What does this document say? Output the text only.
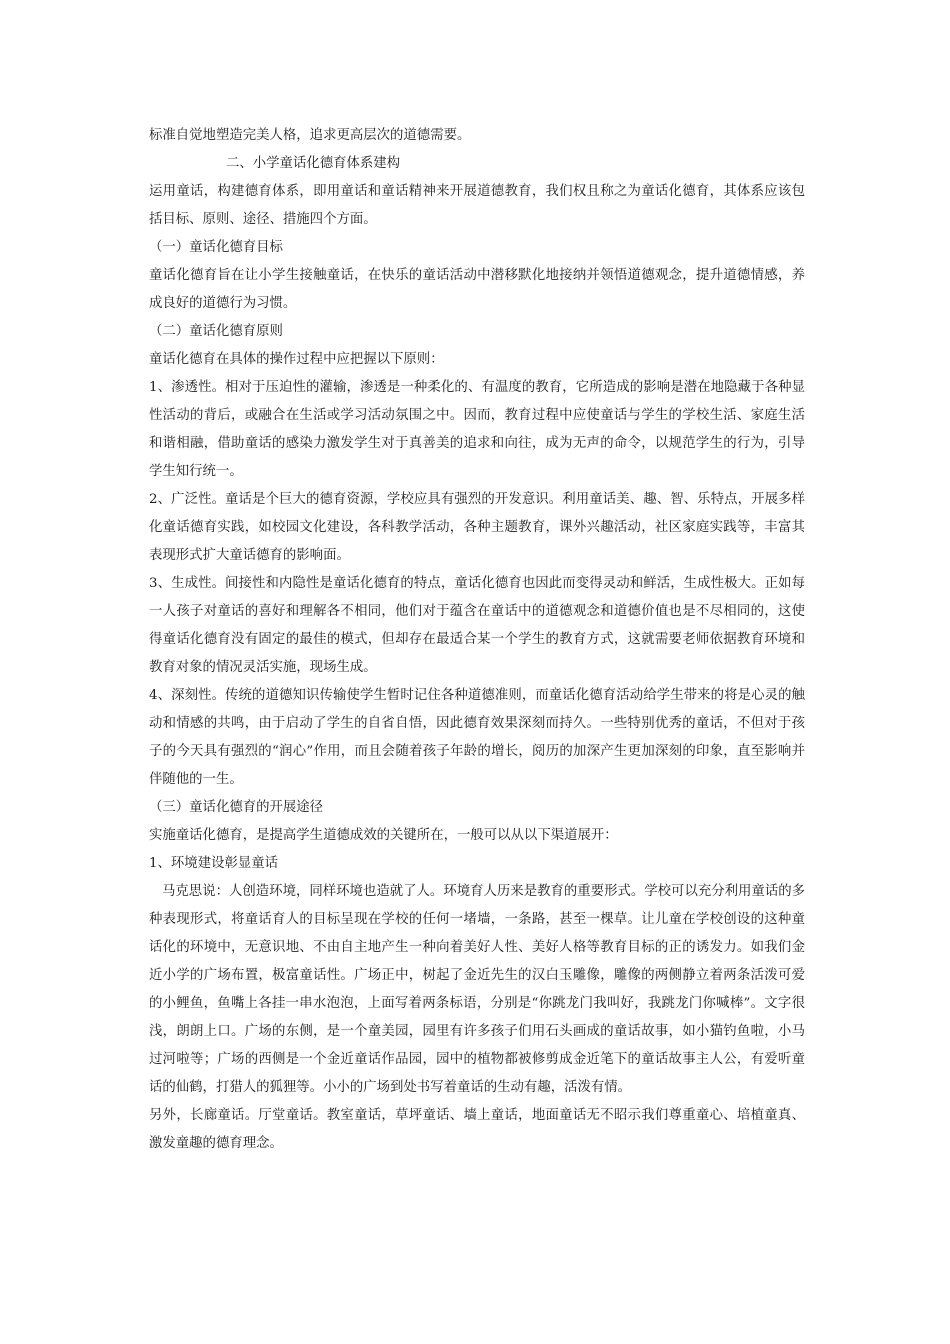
标准自觉地塑造完美人格，追求更高层次的道德需要。

二、小学童话化德育体系建构

运用童话，构建德育体系，即用童话和童话精神来开展道德教育，我们权且称之为童话化德育，其体系应该包括目标、原则、途径、措施四个方面。

（一）童话化德育目标

童话化德育旨在让小学生接触童话，在快乐的童话活动中潜移默化地接纳并领悟道德观念，提升道德情感，养成良好的道德行为习惯。

（二）童话化德育原则

童话化德育在具体的操作过程中应把握以下原则：

1、渗透性。相对于压迫性的灌输，渗透是一种柔化的、有温度的教育，它所造成的影响是潜在地隐藏于各种显性活动的背后，或融合在生活或学习活动氛围之中。因而，教育过程中应使童话与学生的学校生活、家庭生活和谐相融，借助童话的感染力激发学生对于真善美的追求和向往，成为无声的命令，以规范学生的行为，引导学生知行统一。

2、广泛性。童话是个巨大的德育资源，学校应具有强烈的开发意识。利用童话美、趣、智、乐特点，开展多样化童话德育实践，如校园文化建设，各科教学活动，各种主题教育，课外兴趣活动，社区家庭实践等，丰富其表现形式扩大童话德育的影响面。

3、生成性。间接性和内隐性是童话化德育的特点，童话化德育也因此而变得灵动和鲜活，生成性极大。正如每一人孩子对童话的喜好和理解各不相同，他们对于蕴含在童话中的道德观念和道德价值也是不尽相同的，这使得童话化德育没有固定的最佳的模式，但却存在最适合某一个学生的教育方式，这就需要老师依据教育环境和教育对象的情况灵活实施，现场生成。

4、深刻性。传统的道德知识传输使学生暂时记住各种道德准则，而童话化德育活动给学生带来的将是心灵的触动和情感的共鸣，由于启动了学生的自省自悟，因此德育效果深刻而持久。一些特别优秀的童话，不但对于孩子的今天具有强烈的“润心”作用，而且会随着孩子年龄的增长，阅历的加深产生更加深刻的印象，直至影响并伴随他的一生。

（三）童话化德育的开展途径

实施童话化德育，是提高学生道德成效的关键所在，一般可以从以下渠道展开：

1、环境建设彰显童话

马克思说：人创造环境，同样环境也造就了人。环境育人历来是教育的重要形式。学校可以充分利用童话的多种表现形式，将童话育人的目标呈现在学校的任何一堵墙，一条路，甚至一棵草。让儿童在学校创设的这种童话化的环境中，无意识地、不由自主地产生一种向着美好人性、美好人格等教育目标的正的诱发力。如我们金近小学的广场布置，极富童话性。广场正中，树起了金近先生的汉白玉雕像，雕像的两侧静立着两条活泼可爱的小鲤鱼，鱼嘴上各挂一串水泡泡，上面写着两条标语，分别是“你跳龙门我叫好，我跳龙门你喊棒”。文字很浅，朗朗上口。广场的东侧，是一个童美园，园里有许多孩子们用石头画成的童话故事，如小猫钓鱼啦，小马过河啦等；广场的西侧是一个金近童话作品园，园中的植物都被修剪成金近笔下的童话故事主人公，有爱听童话的仙鹤，打猎人的狐狸等。小小的广场到处书写着童话的生动有趣，活泼有情。

另外，长廊童话。厅堂童话。教室童话，草坪童话、墙上童话，地面童话无不昭示我们尊重童心、培植童真、激发童趣的德育理念。
